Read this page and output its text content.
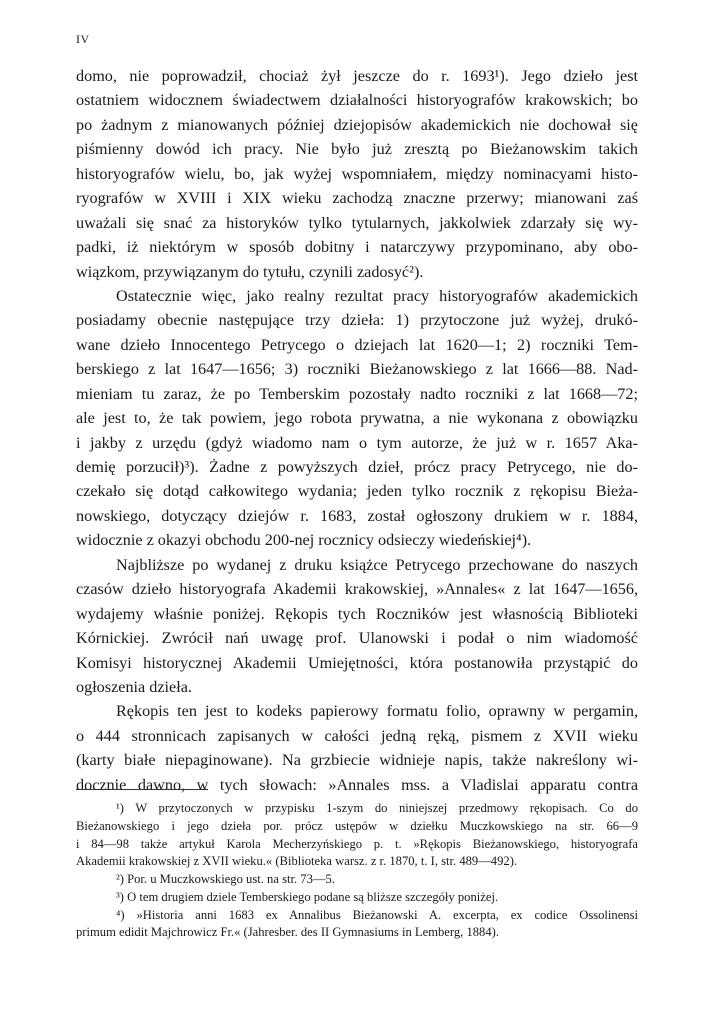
IV
domo, nie poprowadził, chociaż żył jeszcze do r. 1693¹). Jego dzieło jest
ostatniem widocznem świadectwem działalności historyografów krakowskich; bo
po żadnym z mianowanych później dziejopisów akademickich nie dochował się
piśmienny dowód ich pracy. Nie było już zresztą po Bieżanowskim takich
historyografów wielu, bo, jak wyżej wspomniałem, między nominacyami histo-
ryografów w XVIII i XIX wieku zachodzą znaczne przerwy; mianowani zaś
uważali się snać za historyków tylko tytularnych, jakkolwiek zdarzały się wy-
padki, iż niektórym w sposób dobitny i natarczywy przypominano, aby obo-
wiązkom, przywiązanym do tytułu, czynili zadosyć²).
Ostatecznie więc, jako realny rezultat pracy historyografów akademickich
posiadamy obecnie następujące trzy dzieła: 1) przytoczone już wyżej, drukó-
wane dzieło Innocentego Petrycego o dziejach lat 1620—1; 2) roczniki Tem-
berskiego z lat 1647—1656; 3) roczniki Bieżanowskiego z lat 1666—88. Nad-
mieniam tu zaraz, że po Temberskim pozostały nadto roczniki z lat 1668—72;
ale jest to, że tak powiem, jego robota prywatna, a nie wykonana z obowiązku
i jakby z urzędu (gdyż wiadomo nam o tym autorze, że już w r. 1657 Aka-
demię porzucił)³). Żadne z powyższych dzieł, prócz pracy Petrycego, nie do-
czekało się dotąd całkowitego wydania; jeden tylko rocznik z rękopisu Bieża-
nowskiego, dotyczący dziejów r. 1683, został ogłoszony drukiem w r. 1884,
widocznie z okazyi obchodu 200-nej rocznicy odsieczy wiedeńskiej⁴).
Najbliższe po wydanej z druku książce Petrycego przechowane do naszych
czasów dzieło historyografa Akademii krakowskiej, »Annales« z lat 1647—1656,
wydajemy właśnie poniżej. Rękopis tych Roczników jest własnością Biblioteki
Kórnickiej. Zwrócił nań uwagę prof. Ulanowski i podał o nim wiadomość
Komisyi historycznej Akademii Umiejętności, która postanowiła przystąpić do
ogłoszenia dzieła.
Rękopis ten jest to kodeks papierowy formatu folio, oprawny w pergamin,
o 444 stronnicach zapisanych w całości jedną ręką, pismem z XVII wieku
(karty białe niepaginowane). Na grzbiecie widnieje napis, także nakreślony wi-
docznie dawno, w tych słowach: »Annales mss. a Vladislai apparatu contra
¹) W przytoczonych w przypisku 1-szym do niniejszej przedmowy rękopisach. Co do
Bieżanowskiego i jego dzieła por. prócz ustępów w dziełku Muczkowskiego na str. 66—9
i 84—98 także artykuł Karola Mecherzyńskiego p. t. »Rękopis Bieżanowskiego, historyografa
Akademii krakowskiej z XVII wieku.« (Biblioteka warsz. z r. 1870, t. I, str. 489—492).
²) Por. u Muczkowskiego ust. na str. 73—5.
³) O tem drugiem dziele Temberskiego podane są bliższe szczegóły poniżej.
⁴) »Historia anni 1683 ex Annalibus Bieżanowski A. excerpta, ex codice Ossolinensi
primum edidit Majchrowicz Fr.« (Jahresber. des II Gymnasiums in Lemberg, 1884).
